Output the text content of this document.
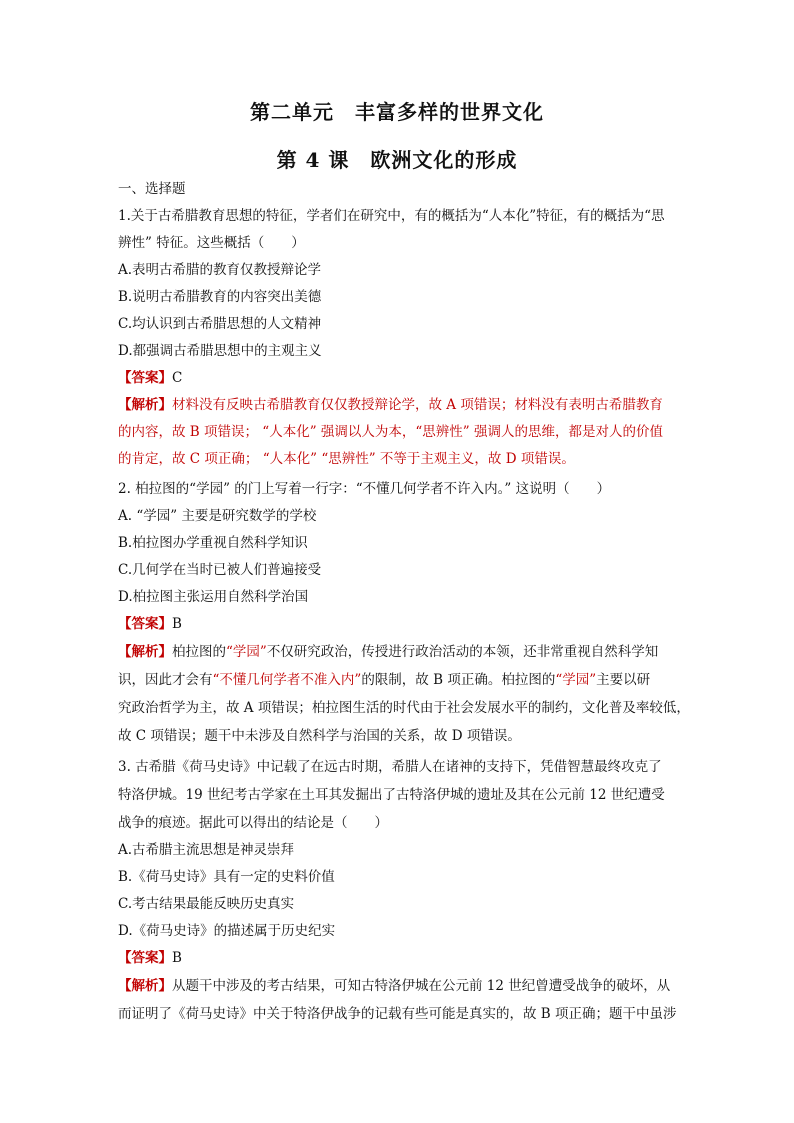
第二单元　丰富多样的世界文化
第 4 课　欧洲文化的形成
一、选择题
1.关于古希腊教育思想的特征，学者们在研究中，有的概括为“人本化”特征，有的概括为“思
辨性” 特征。这些概括（　　）
A.表明古希腊的教育仅教授辩论学
B.说明古希腊教育的内容突出美德
C.均认识到古希腊思想的人文精神
D.都强调古希腊思想中的主观主义
【答案】C
【解析】材料没有反映古希腊教育仅仅教授辩论学，故 A 项错误；材料没有表明古希腊教育
的内容，故 B 项错误； “人本化” 强调以人为本，“思辨性” 强调人的思维，都是对人的价值
的肯定，故 C 项正确； “人本化” “思辨性” 不等于主观主义，故 D 项错误。
2. 柏拉图的“学园” 的门上写着一行字：“不懂几何学者不许入内。” 这说明（　　）
A. “学园” 主要是研究数学的学校
B.柏拉图办学重视自然科学知识
C.几何学在当时已被人们普遍接受
D.柏拉图主张运用自然科学治国
【答案】B
【解析】柏拉图的“学园”不仅研究政治，传授进行政治活动的本领，还非常重视自然科学知
识，因此才会有“不懂几何学者不准入内”的限制，故 B 项正确。柏拉图的“学园”主要以研
究政治哲学为主，故 A 项错误；柏拉图生活的时代由于社会发展水平的制约，文化普及率较低，
故 C 项错误；题干中未涉及自然科学与治国的关系，故 D 项错误。
3. 古希腊《荷马史诗》中记载了在远古时期，希腊人在诸神的支持下，凭借智慧最终攻克了
特洛伊城。19 世纪考古学家在土耳其发掘出了古特洛伊城的遗址及其在公元前 12 世纪遭受
战争的痕迹。据此可以得出的结论是（　　）
A.古希腊主流思想是神灵崇拜
B.《荷马史诗》具有一定的史料价值
C.考古结果最能反映历史真实
D.《荷马史诗》的描述属于历史纪实
【答案】B
【解析】从题干中涉及的考古结果，可知古特洛伊城在公元前 12 世纪曾遭受战争的破坏，从
而证明了《荷马史诗》中关于特洛伊战争的记载有些可能是真实的，故 B 项正确；题干中虽涉
